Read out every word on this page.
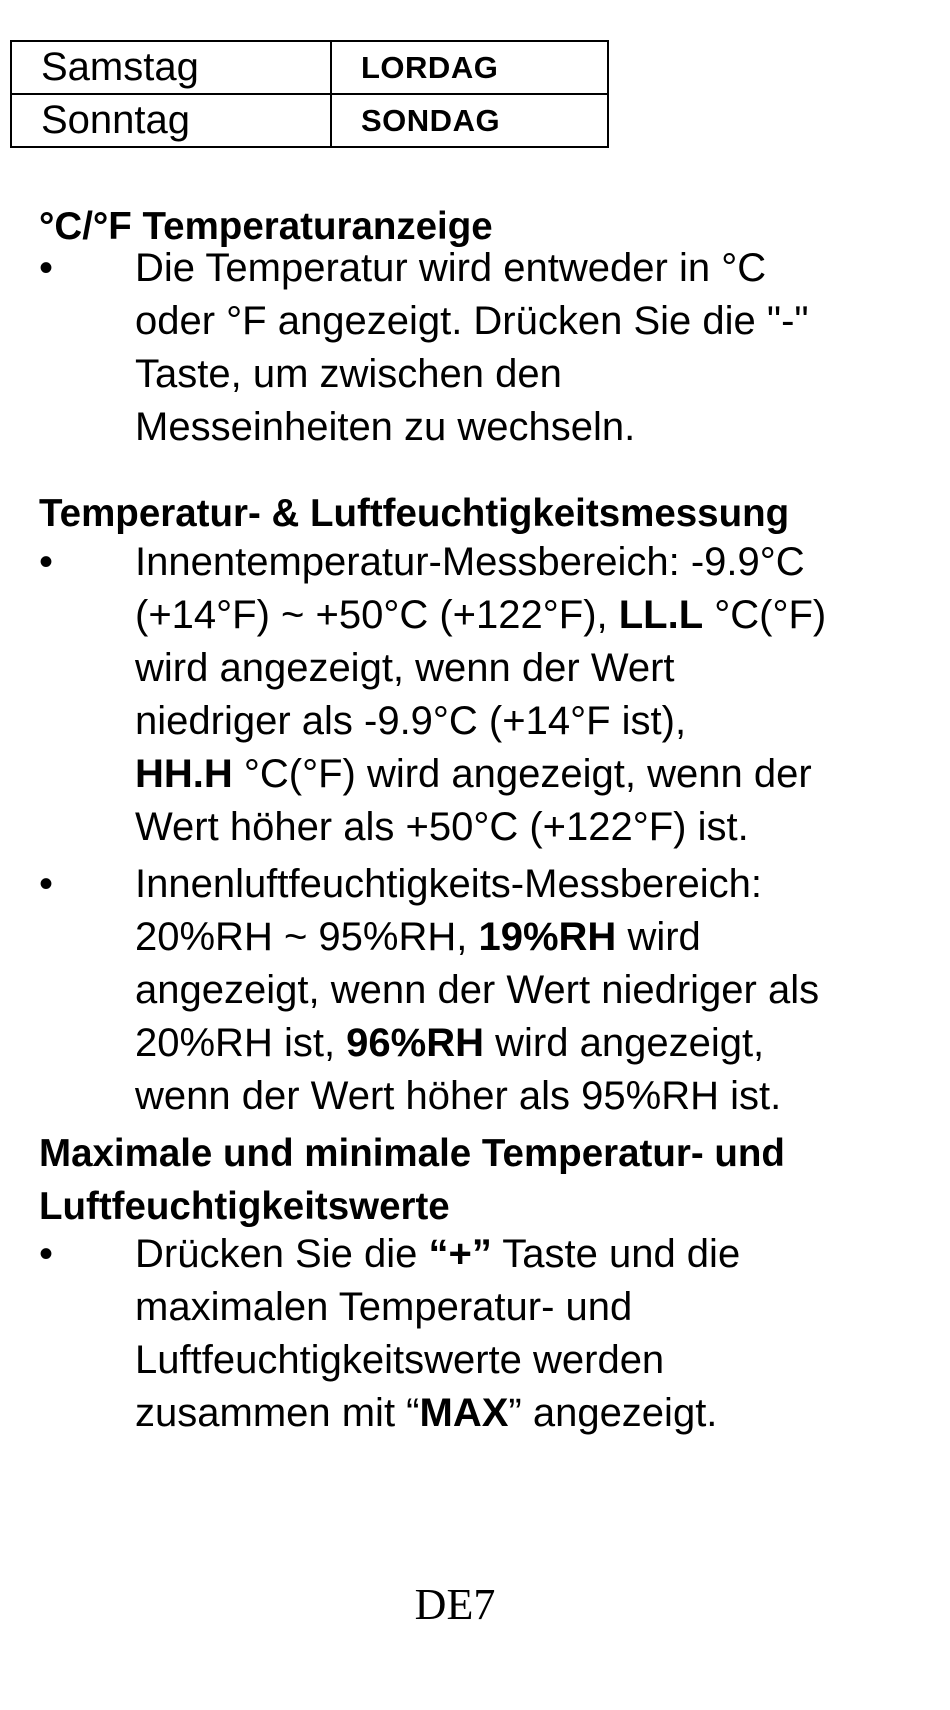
Samstag	LORDAG
Sonntag	SONDAG
°C/°F Temperaturanzeige
• Die Temperatur wird entweder in °C
oder °F angezeigt. Drücken Sie die "-"
Taste, um zwischen den
Messeinheiten zu wechseln.
Temperatur- & Luftfeuchtigkeitsmessung
• Innentemperatur-Messbereich: -9.9°C
(+14°F) ~ +50°C (+122°F), LL.L °C(°F)
wird angezeigt, wenn der Wert
niedriger als -9.9°C (+14°F ist),
HH.H °C(°F) wird angezeigt, wenn der
Wert höher als +50°C (+122°F) ist.
• Innenluftfeuchtigkeits-Messbereich:
20%RH ~ 95%RH, 19%RH wird
angezeigt, wenn der Wert niedriger als
20%RH ist, 96%RH wird angezeigt,
wenn der Wert höher als 95%RH ist.
Maximale und minimale Temperatur- und
Luftfeuchtigkeitswerte
• Drücken Sie die “+” Taste und die
maximalen Temperatur- und
Luftfeuchtigkeitswerte werden
zusammen mit “MAX” angezeigt.
DE7
